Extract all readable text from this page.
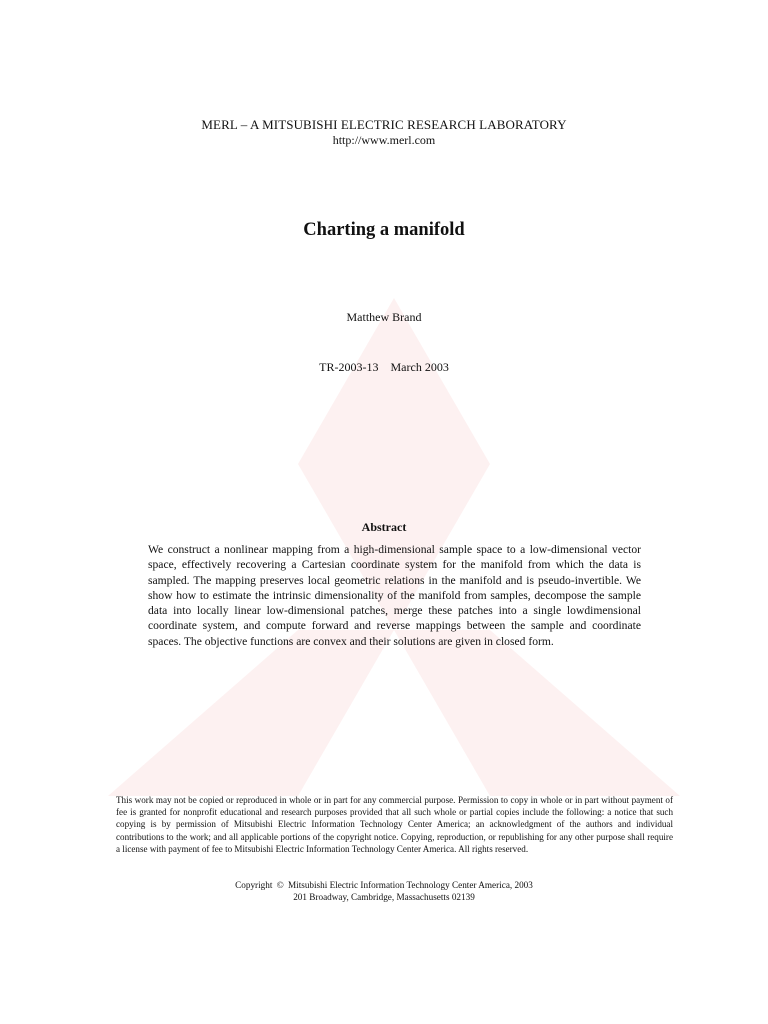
MERL – A MITSUBISHI ELECTRIC RESEARCH LABORATORY
http://www.merl.com
Charting a manifold
Matthew Brand
TR-2003-13 March 2003
Abstract
We construct a nonlinear mapping from a high-dimensional sample space to a low-dimensional vector space, effectively recovering a Cartesian coordinate system for the manifold from which the data is sampled. The mapping preserves local geometric relations in the manifold and is pseudo-invertible. We show how to estimate the intrinsic dimensionality of the manifold from samples, decompose the sample data into locally linear low-dimensional patches, merge these patches into a single lowdimensional coordinate system, and compute forward and reverse mappings between the sample and coordinate spaces. The objective functions are convex and their solutions are given in closed form.
This work may not be copied or reproduced in whole or in part for any commercial purpose. Permission to copy in whole or in part without payment of fee is granted for nonprofit educational and research purposes provided that all such whole or partial copies include the following: a notice that such copying is by permission of Mitsubishi Electric Information Technology Center America; an acknowledgment of the authors and individual contributions to the work; and all applicable portions of the copyright notice. Copying, reproduction, or republishing for any other purpose shall require a license with payment of fee to Mitsubishi Electric Information Technology Center America. All rights reserved.
Copyright © Mitsubishi Electric Information Technology Center America, 2003
201 Broadway, Cambridge, Massachusetts 02139
